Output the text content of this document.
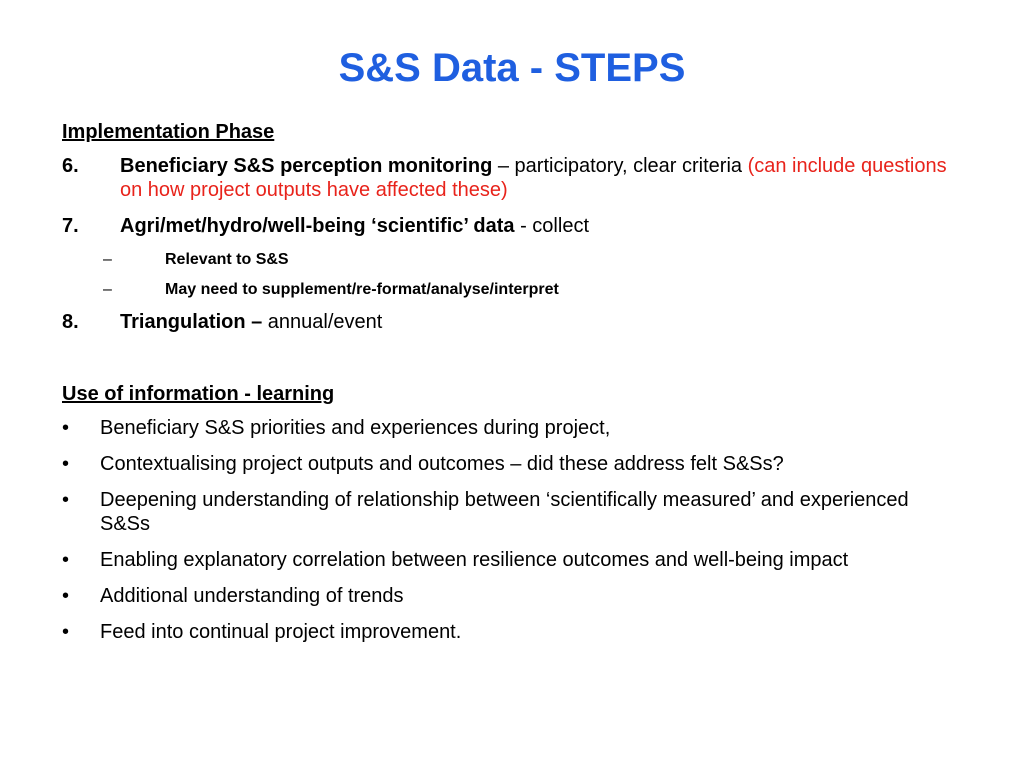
S&S Data - STEPS
Implementation Phase
6. Beneficiary S&S perception monitoring – participatory, clear criteria (can include questions on how project outputs have affected these)
7. Agri/met/hydro/well-being ‘scientific’ data - collect
–	Relevant to S&S
–	May need to supplement/re-format/analyse/interpret
8. Triangulation – annual/event
Use of information - learning
• Beneficiary S&S priorities and experiences during project,
• Contextualising project outputs and outcomes – did these address felt S&Ss?
• Deepening understanding of relationship between ‘scientifically measured’ and experienced S&Ss
• Enabling explanatory correlation between resilience outcomes and well-being impact
• Additional understanding of trends
• Feed into continual project improvement.
